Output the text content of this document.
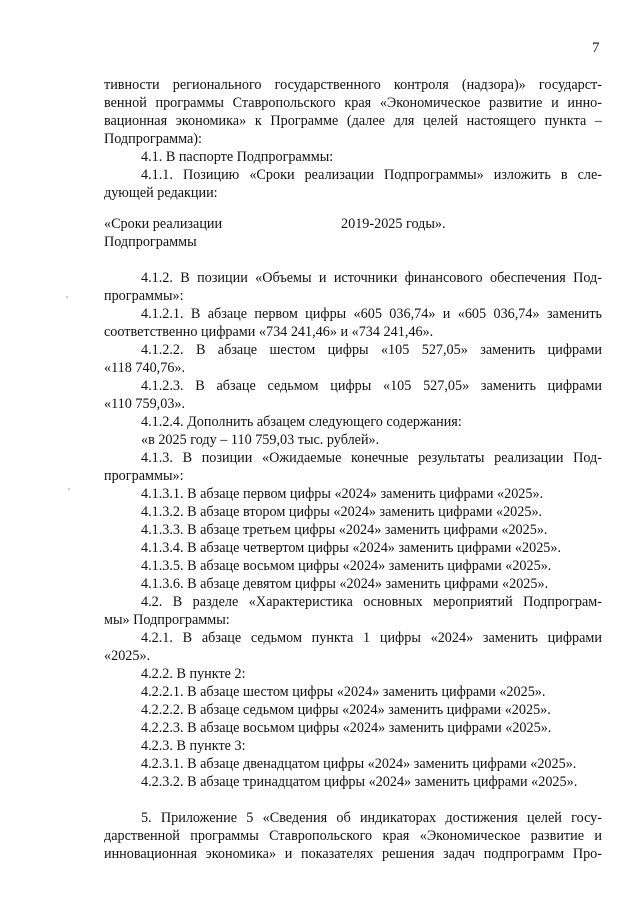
7
тивности регионального государственного контроля (надзора)» государст-
венной программы Ставропольского края «Экономическое развитие и инно-
вационная экономика» к Программе (далее для целей настоящего пункта –
Подпрограмма):
4.1. В паспорте Подпрограммы:
4.1.1. Позицию «Сроки реализации Подпрограммы» изложить в сле-
дующей редакции:
«Сроки реализации
Подпрограммы
2019-2025 годы».
4.1.2. В позиции «Объемы и источники финансового обеспечения Под-
программы»:
4.1.2.1. В абзаце первом цифры «605 036,74» и «605 036,74» заменить
соответственно цифрами «734 241,46» и «734 241,46».
4.1.2.2. В абзаце шестом цифры «105 527,05» заменить цифрами
«118 740,76».
4.1.2.3. В абзаце седьмом цифры «105 527,05» заменить цифрами
«110 759,03».
4.1.2.4. Дополнить абзацем следующего содержания:
«в 2025 году – 110 759,03 тыс. рублей».
4.1.3. В позиции «Ожидаемые конечные результаты реализации Под-
программы»:
4.1.3.1. В абзаце первом цифры «2024» заменить цифрами «2025».
4.1.3.2. В абзаце втором цифры «2024» заменить цифрами «2025».
4.1.3.3. В абзаце третьем цифры «2024» заменить цифрами «2025».
4.1.3.4. В абзаце четвертом цифры «2024» заменить цифрами «2025».
4.1.3.5. В абзаце восьмом цифры «2024» заменить цифрами «2025».
4.1.3.6. В абзаце девятом цифры «2024» заменить цифрами «2025».
4.2. В разделе «Характеристика основных мероприятий Подпрограм-
мы» Подпрограммы:
4.2.1. В абзаце седьмом пункта 1 цифры «2024» заменить цифрами
«2025».
4.2.2. В пункте 2:
4.2.2.1. В абзаце шестом цифры «2024» заменить цифрами «2025».
4.2.2.2. В абзаце седьмом цифры «2024» заменить цифрами «2025».
4.2.2.3. В абзаце восьмом цифры «2024» заменить цифрами «2025».
4.2.3. В пункте 3:
4.2.3.1. В абзаце двенадцатом цифры «2024» заменить цифрами «2025».
4.2.3.2. В абзаце тринадцатом цифры «2024» заменить цифрами «2025».
5. Приложение 5 «Сведения об индикаторах достижения целей госу-
дарственной программы Ставропольского края «Экономическое развитие и
инновационная экономика» и показателях решения задач подпрограмм Про-
